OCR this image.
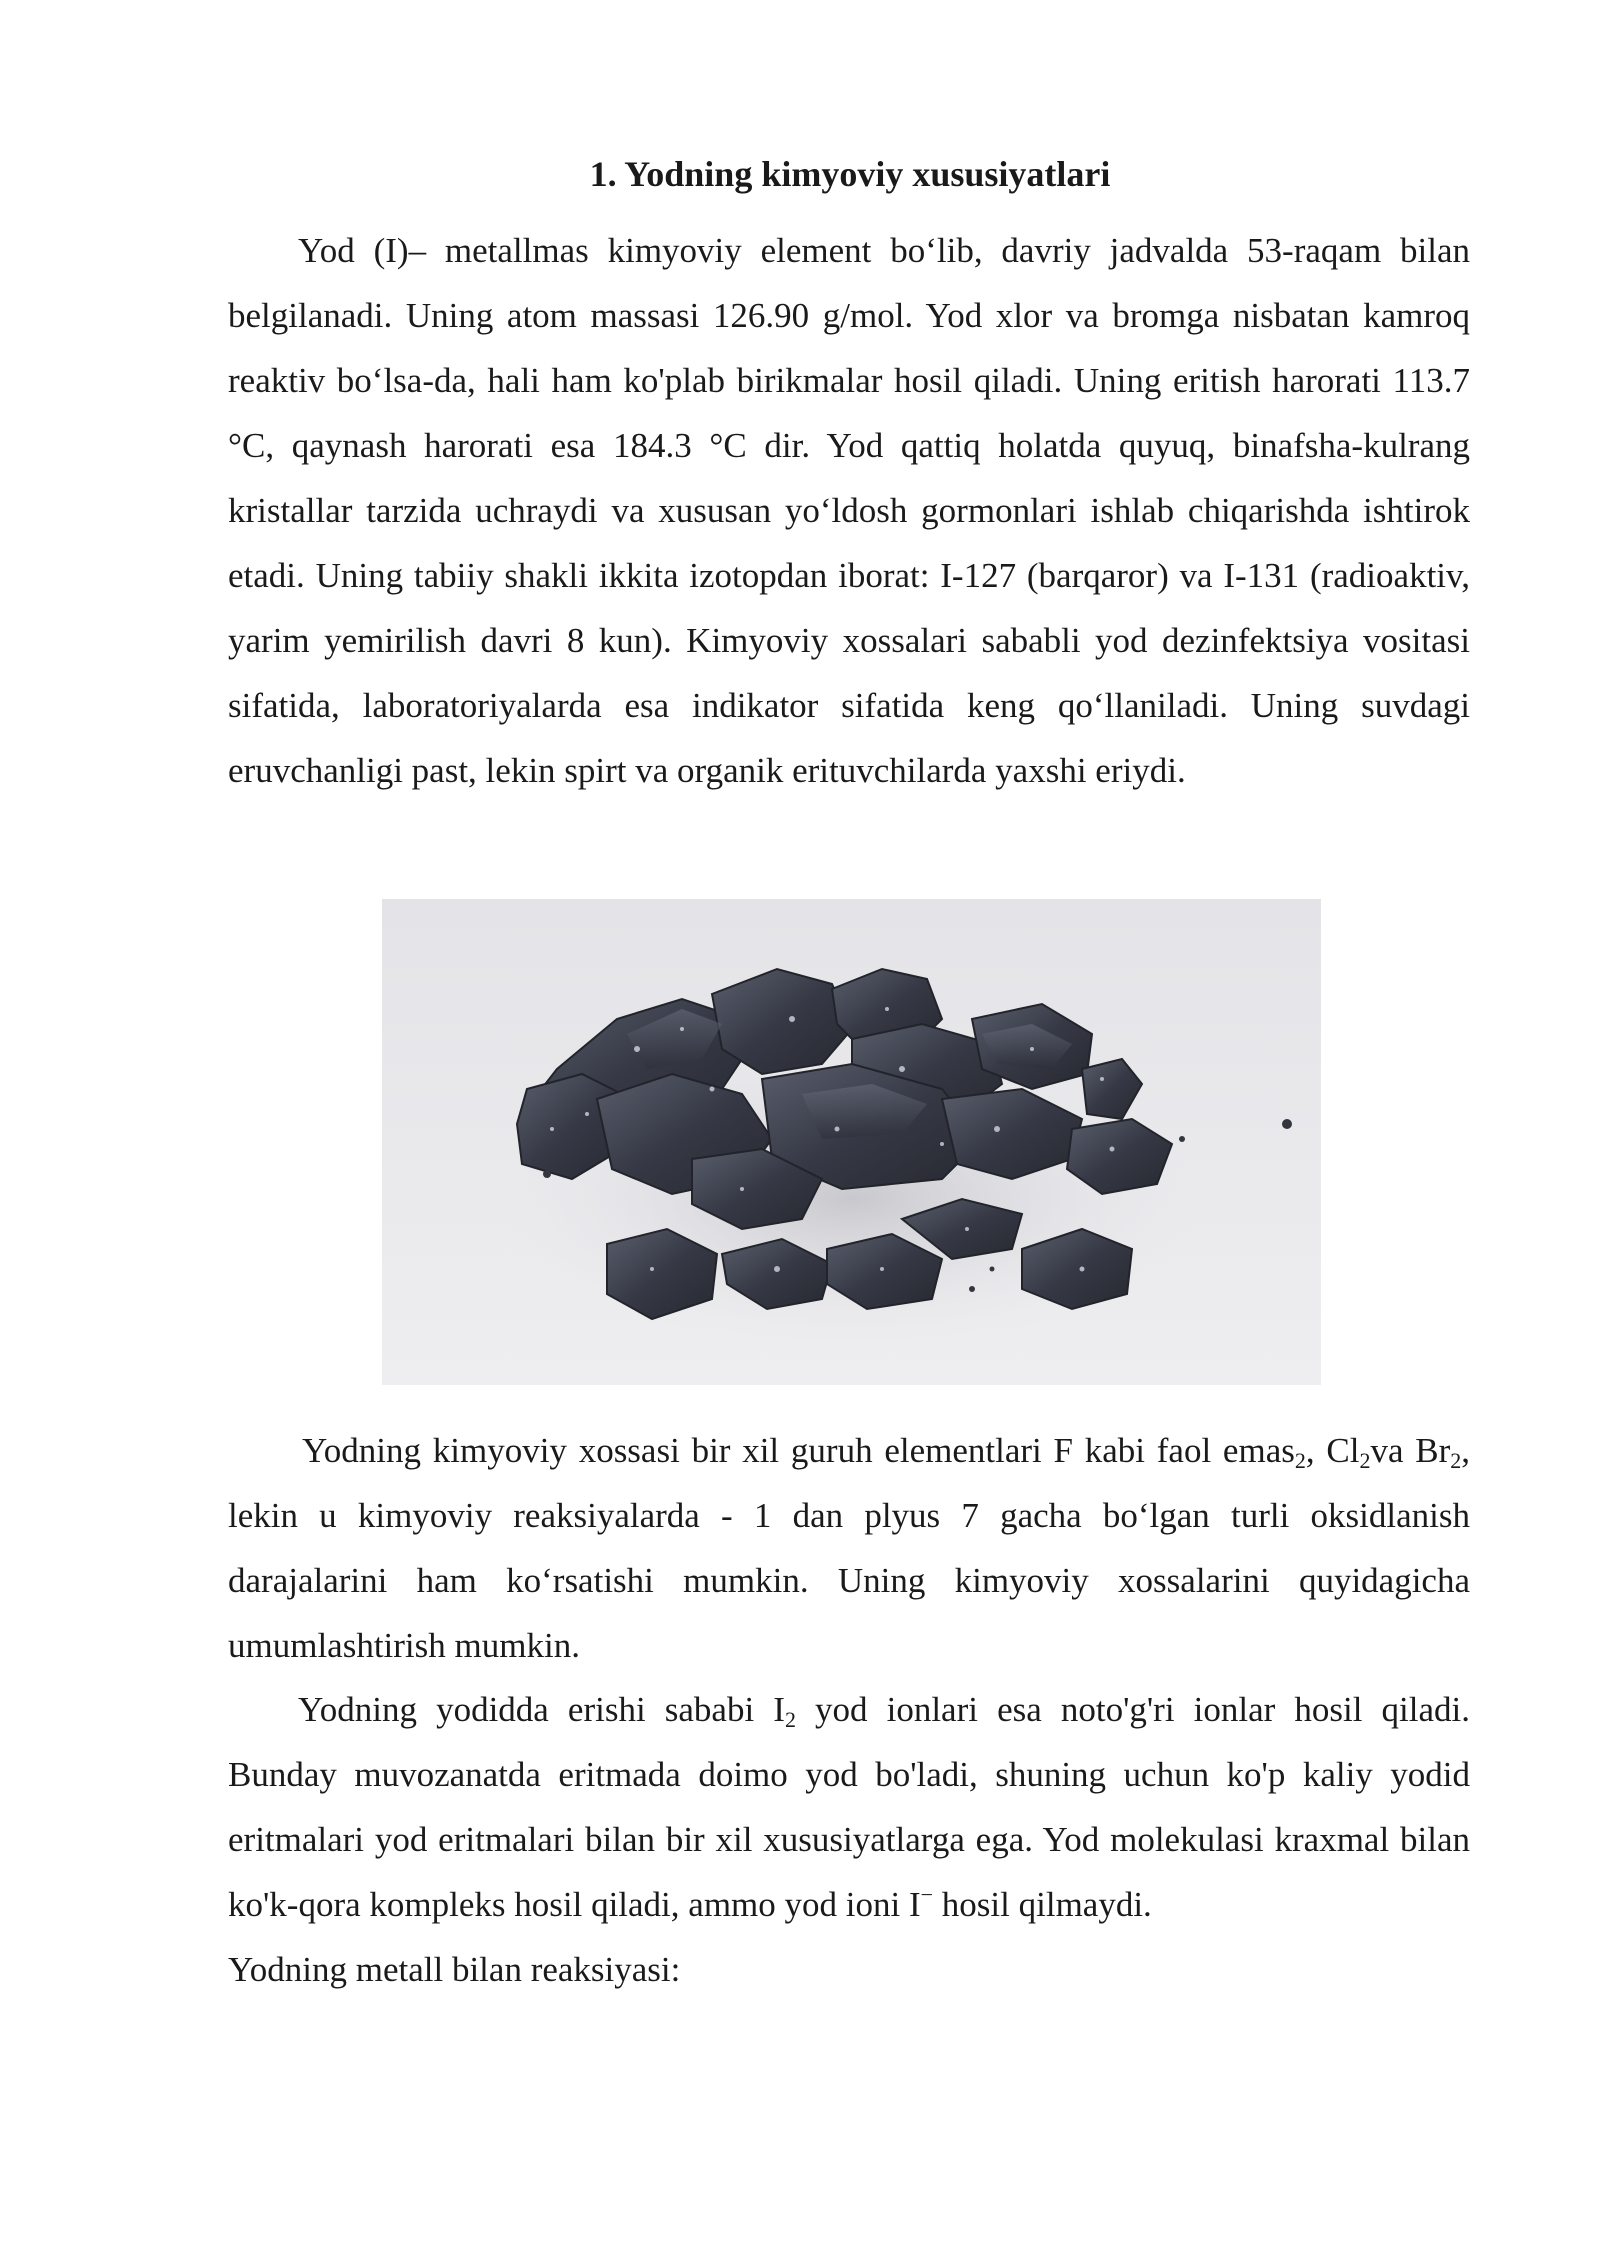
1. Yodning kimyoviy xususiyatlari

Yod (I)– metallmas kimyoviy element bo‘lib, davriy jadvalda 53-raqam bilan belgilanadi. Uning atom massasi 126.90 g/mol. Yod xlor va bromga nisbatan kamroq reaktiv bo‘lsa-da, hali ham ko'plab birikmalar hosil qiladi. Uning eritish harorati 113.7 °C, qaynash harorati esa 184.3 °C dir. Yod qattiq holatda quyuq, binafsha-kulrang kristallar tarzida uchraydi va xususan yo‘ldosh gormonlari ishlab chiqarishda ishtirok etadi. Uning tabiiy shakli ikkita izotopdan iborat: I-127 (barqaror) va I-131 (radioaktiv, yarim yemirilish davri 8 kun). Kimyoviy xossalari sababli yod dezinfektsiya vositasi sifatida, laboratoriyalarda esa indikator sifatida keng qo‘llaniladi. Uning suvdagi eruvchanligi past, lekin spirt va organik erituvchilarda yaxshi eriydi.

Yodning kimyoviy xossasi bir xil guruh elementlari F kabi faol emas$_2$, $Cl_2va$ $Br_2$, lekin u kimyoviy reaksiyalarda - 1 dan plyus 7 gacha bo‘lgan turli oksidlanish darajalarini ham ko‘rsatishi mumkin. Uning kimyoviy xossalarini quyidagicha umumlashtirish mumkin.

Yodning yodidda erishi sababi $I_2$ yod ionlari esa noto'g'ri ionlar hosil qiladi. Bunday muvozanatda eritmada doimo yod bo'ladi, shuning uchun ko'p kaliy yodid eritmalari yod eritmalari bilan bir xil xususiyatlarga ega. Yod molekulasi kraxmal bilan ko'k-qora kompleks hosil qiladi, ammo yod ioni I− hosil qilmaydi.

Yodning metall bilan reaksiyasi:
